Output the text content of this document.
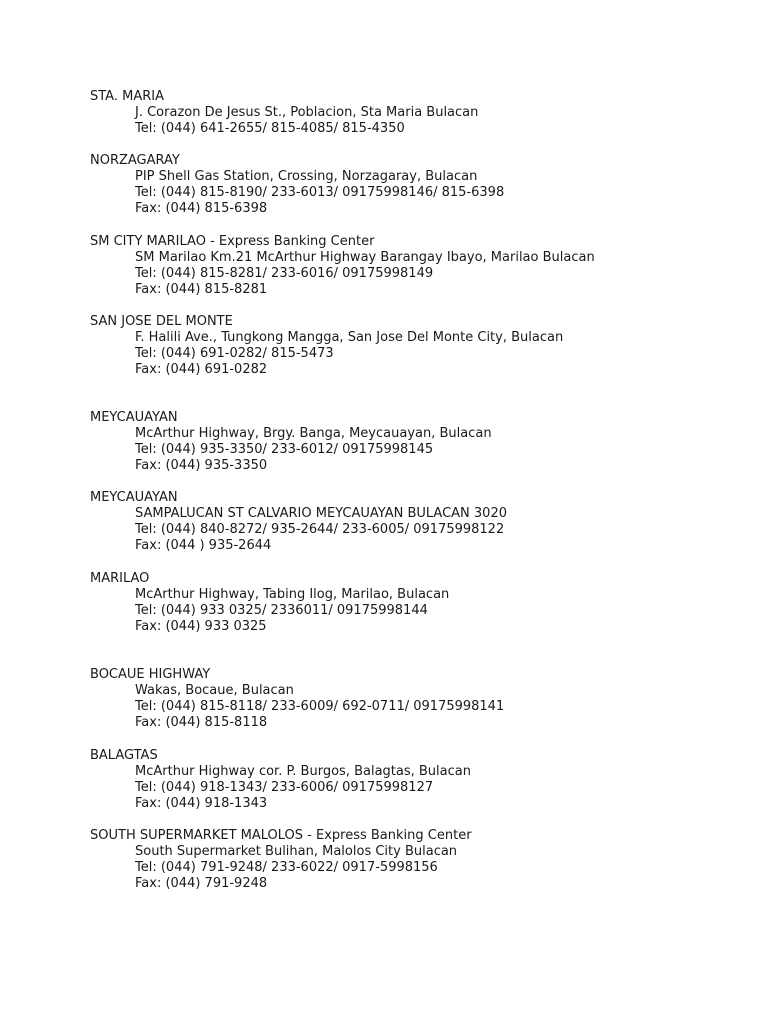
STA. MARIA
J. Corazon De Jesus St., Poblacion, Sta Maria Bulacan
Tel: (044) 641-2655/ 815-4085/ 815-4350
NORZAGARAY
PIP Shell Gas Station, Crossing, Norzagaray, Bulacan
Tel: (044) 815-8190/ 233-6013/ 09175998146/ 815-6398
Fax: (044) 815-6398
SM CITY MARILAO - Express Banking Center
SM Marilao Km.21 McArthur Highway Barangay Ibayo, Marilao Bulacan
Tel: (044) 815-8281/ 233-6016/ 09175998149
Fax: (044) 815-8281
SAN JOSE DEL MONTE
F. Halili Ave., Tungkong Mangga, San Jose Del Monte City, Bulacan
Tel: (044) 691-0282/ 815-5473
Fax: (044) 691-0282
MEYCAUAYAN
McArthur Highway, Brgy. Banga, Meycauayan, Bulacan
Tel: (044) 935-3350/ 233-6012/ 09175998145
Fax: (044) 935-3350
MEYCAUAYAN
SAMPALUCAN ST CALVARIO MEYCAUAYAN BULACAN 3020
Tel: (044) 840-8272/ 935-2644/ 233-6005/ 09175998122
Fax: (044 ) 935-2644
MARILAO
McArthur Highway, Tabing Ilog, Marilao, Bulacan
Tel: (044) 933 0325/ 2336011/ 09175998144
Fax: (044) 933 0325
BOCAUE HIGHWAY
Wakas, Bocaue, Bulacan
Tel: (044) 815-8118/ 233-6009/ 692-0711/ 09175998141
Fax: (044) 815-8118
BALAGTAS
McArthur Highway cor. P. Burgos, Balagtas, Bulacan
Tel: (044) 918-1343/ 233-6006/ 09175998127
Fax: (044) 918-1343
SOUTH SUPERMARKET MALOLOS - Express Banking Center
South Supermarket Bulihan, Malolos City Bulacan
Tel: (044) 791-9248/ 233-6022/ 0917-5998156
Fax: (044) 791-9248
